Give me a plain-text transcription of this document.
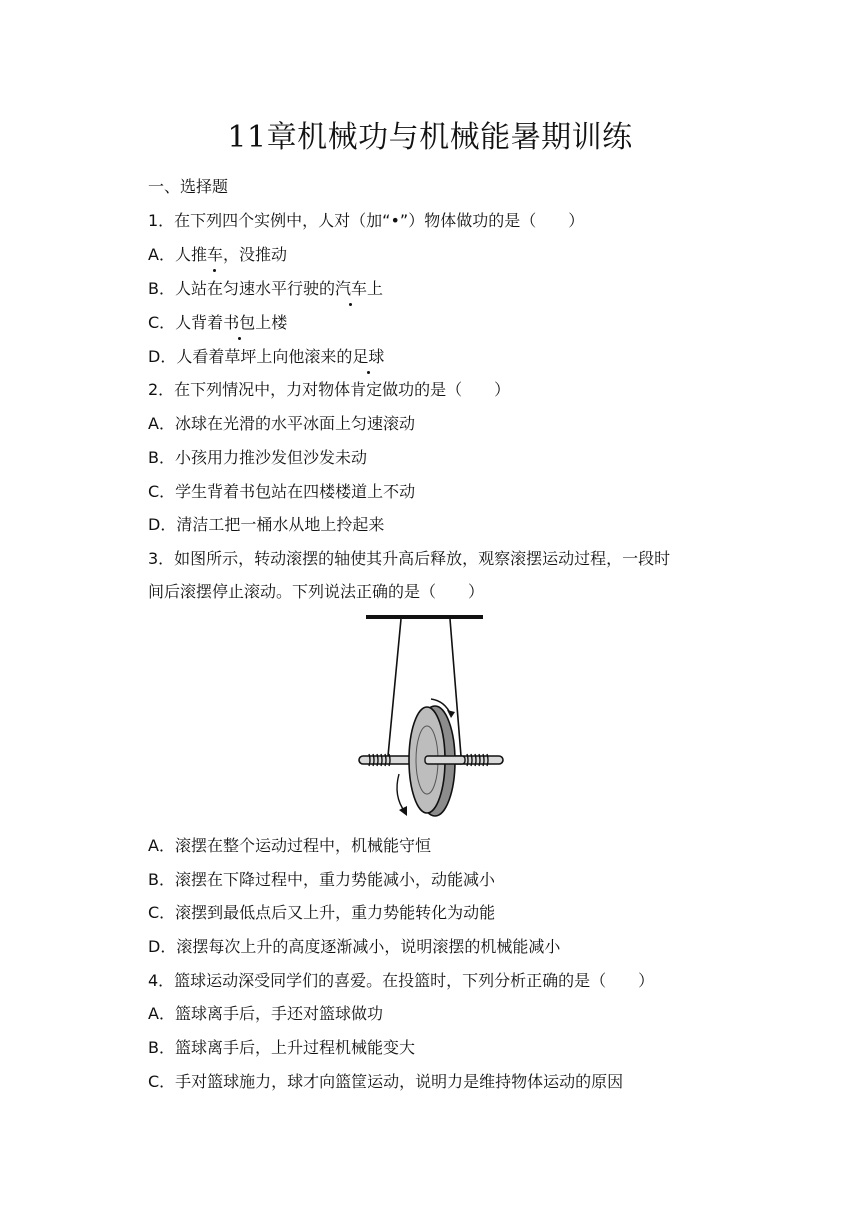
11章机械功与机械能暑期训练
一、选择题
1．在下列四个实例中，人对（加“•”）物体做功的是（　　）
A．人推车，没推动
B．人站在匀速水平行驶的汽车上
C．人背着书包上楼
D．人看着草坪上向他滚来的足球
2．在下列情况中，力对物体肯定做功的是（　　）
A．冰球在光滑的水平冰面上匀速滚动
B．小孩用力推沙发但沙发未动
C．学生背着书包站在四楼楼道上不动
D．清洁工把一桶水从地上拎起来
3．如图所示，转动滚摆的轴使其升高后释放，观察滚摆运动过程，一段时
间后滚摆停止滚动。下列说法正确的是（　　）
A．滚摆在整个运动过程中，机械能守恒
B．滚摆在下降过程中，重力势能减小，动能减小
C．滚摆到最低点后又上升，重力势能转化为动能
D．滚摆每次上升的高度逐渐减小，说明滚摆的机械能减小
4．篮球运动深受同学们的喜爱。在投篮时，下列分析正确的是（　　）
A．篮球离手后，手还对篮球做功
B．篮球离手后，上升过程机械能变大
C．手对篮球施力，球才向篮筐运动，说明力是维持物体运动的原因
